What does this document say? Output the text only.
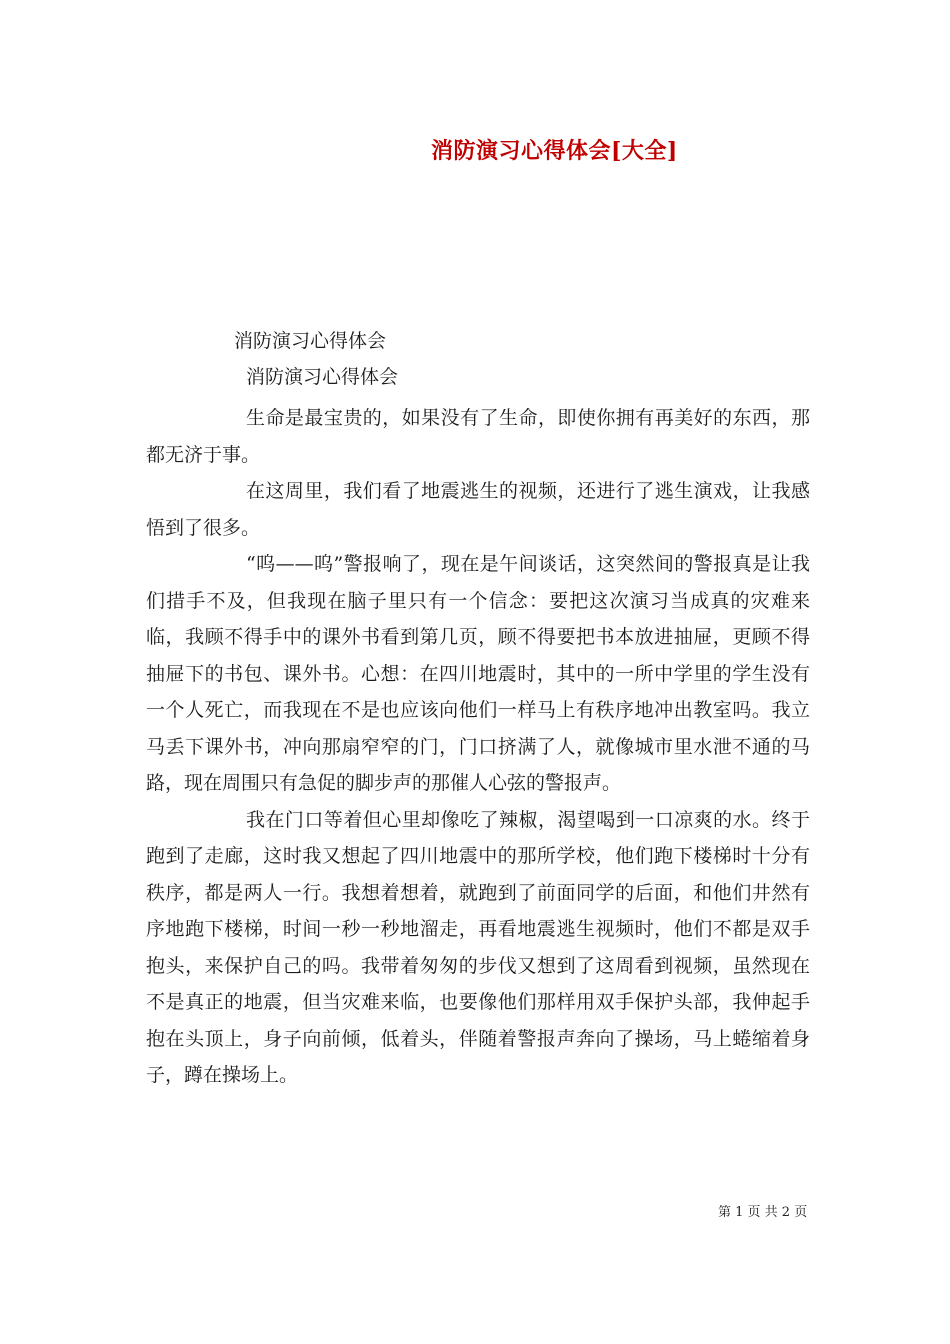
消防演习心得体会[大全]
消防演习心得体会
消防演习心得体会

生命是最宝贵的，如果没有了生命，即使你拥有再美好的东西，那都无济于事。

在这周里，我们看了地震逃生的视频，还进行了逃生演戏，让我感悟到了很多。

“呜——呜”警报响了，现在是午间谈话，这突然间的警报真是让我们措手不及，但我现在脑子里只有一个信念：要把这次演习当成真的灾难来临，我顾不得手中的课外书看到第几页，顾不得要把书本放进抽屉，更顾不得抽屉下的书包、课外书。心想：在四川地震时，其中的一所中学里的学生没有一个人死亡，而我现在不是也应该向他们一样马上有秩序地冲出教室吗。我立马丢下课外书，冲向那扇窄窄的门，门口挤满了人，就像城市里水泄不通的马路，现在周围只有急促的脚步声的那催人心弦的警报声。

我在门口等着但心里却像吃了辣椒，渴望喝到一口凉爽的水。终于跑到了走廊，这时我又想起了四川地震中的那所学校，他们跑下楼梯时十分有秩序，都是两人一行。我想着想着，就跑到了前面同学的后面，和他们井然有序地跑下楼梯，时间一秒一秒地溜走，再看地震逃生视频时，他们不都是双手抱头，来保护自己的吗。我带着匆匆的步伐又想到了这周看到视频，虽然现在不是真正的地震，但当灾难来临，也要像他们那样用双手保护头部，我伸起手抱在头顶上，身子向前倾，低着头，伴随着警报声奔向了操场，马上蜷缩着身子，蹲在操场上。

第 1 页 共 2 页
